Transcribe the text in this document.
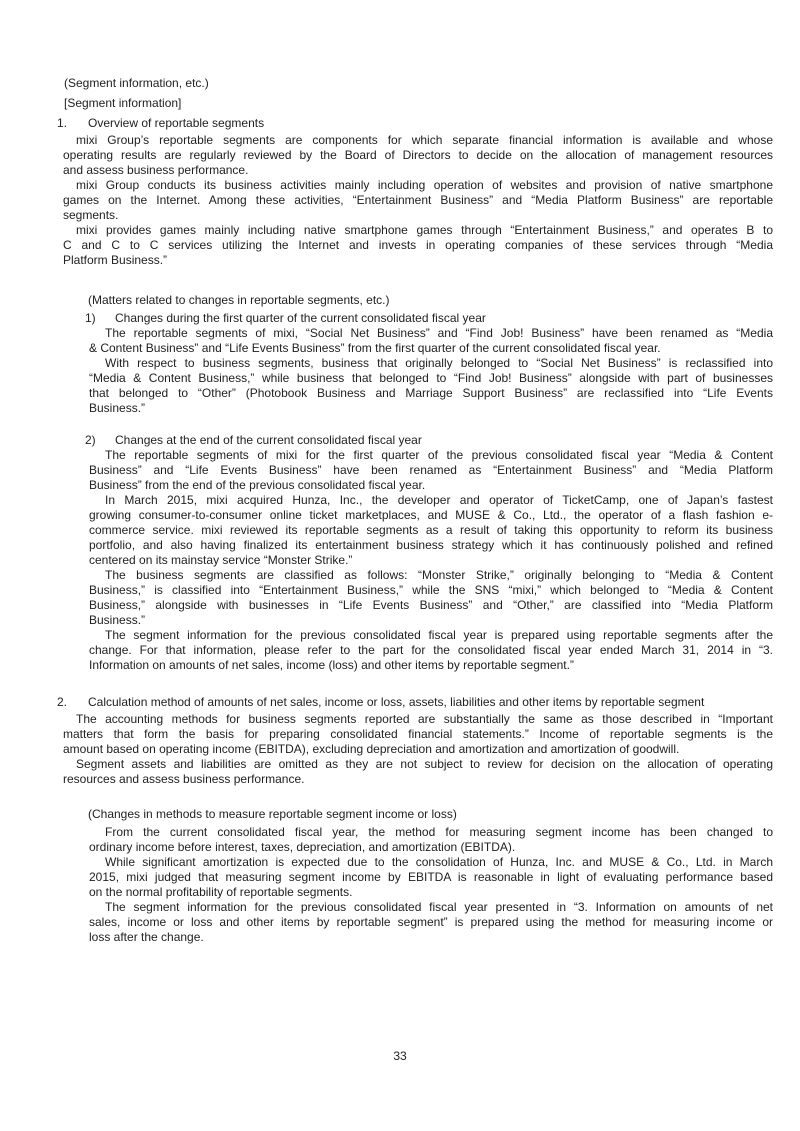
(Segment information, etc.)
[Segment information]
1.	Overview of reportable segments
mixi Group’s reportable segments are components for which separate financial information is available and whose
operating results are regularly reviewed by the Board of Directors to decide on the allocation of management resources
and assess business performance.
mixi Group conducts its business activities mainly including operation of websites and provision of native smartphone
games on the Internet. Among these activities, “Entertainment Business” and “Media Platform Business” are reportable
segments.
mixi provides games mainly including native smartphone games through “Entertainment Business,” and operates B to
C and C to C services utilizing the Internet and invests in operating companies of these services through “Media
Platform Business.”
(Matters related to changes in reportable segments, etc.)
1)	Changes during the first quarter of the current consolidated fiscal year
The reportable segments of mixi, “Social Net Business” and “Find Job! Business” have been renamed as “Media
& Content Business” and “Life Events Business” from the first quarter of the current consolidated fiscal year.
With respect to business segments, business that originally belonged to “Social Net Business” is reclassified into
“Media & Content Business,” while business that belonged to “Find Job! Business” alongside with part of businesses
that belonged to “Other” (Photobook Business and Marriage Support Business” are reclassified into “Life Events
Business.”
2)	Changes at the end of the current consolidated fiscal year
The reportable segments of mixi for the first quarter of the previous consolidated fiscal year “Media & Content
Business” and “Life Events Business” have been renamed as “Entertainment Business” and “Media Platform
Business” from the end of the previous consolidated fiscal year.
In March 2015, mixi acquired Hunza, Inc., the developer and operator of TicketCamp, one of Japan’s fastest
growing consumer-to-consumer online ticket marketplaces, and MUSE & Co., Ltd., the operator of a flash fashion e-
commerce service. mixi reviewed its reportable segments as a result of taking this opportunity to reform its business
portfolio, and also having finalized its entertainment business strategy which it has continuously polished and refined
centered on its mainstay service “Monster Strike.”
The business segments are classified as follows: “Monster Strike,” originally belonging to “Media & Content
Business,” is classified into “Entertainment Business,” while the SNS “mixi,” which belonged to “Media & Content
Business,” alongside with businesses in “Life Events Business” and “Other,” are classified into “Media Platform
Business.”
The segment information for the previous consolidated fiscal year is prepared using reportable segments after the
change. For that information, please refer to the part for the consolidated fiscal year ended March 31, 2014 in “3.
Information on amounts of net sales, income (loss) and other items by reportable segment.”
2.	Calculation method of amounts of net sales, income or loss, assets, liabilities and other items by reportable segment
The accounting methods for business segments reported are substantially the same as those described in “Important
matters that form the basis for preparing consolidated financial statements.” Income of reportable segments is the
amount based on operating income (EBITDA), excluding depreciation and amortization and amortization of goodwill.
Segment assets and liabilities are omitted as they are not subject to review for decision on the allocation of operating
resources and assess business performance.
(Changes in methods to measure reportable segment income or loss)
From the current consolidated fiscal year, the method for measuring segment income has been changed to
ordinary income before interest, taxes, depreciation, and amortization (EBITDA).
While significant amortization is expected due to the consolidation of Hunza, Inc. and MUSE & Co., Ltd. in March
2015, mixi judged that measuring segment income by EBITDA is reasonable in light of evaluating performance based
on the normal profitability of reportable segments.
The segment information for the previous consolidated fiscal year presented in “3. Information on amounts of net
sales, income or loss and other items by reportable segment” is prepared using the method for measuring income or
loss after the change.
33
